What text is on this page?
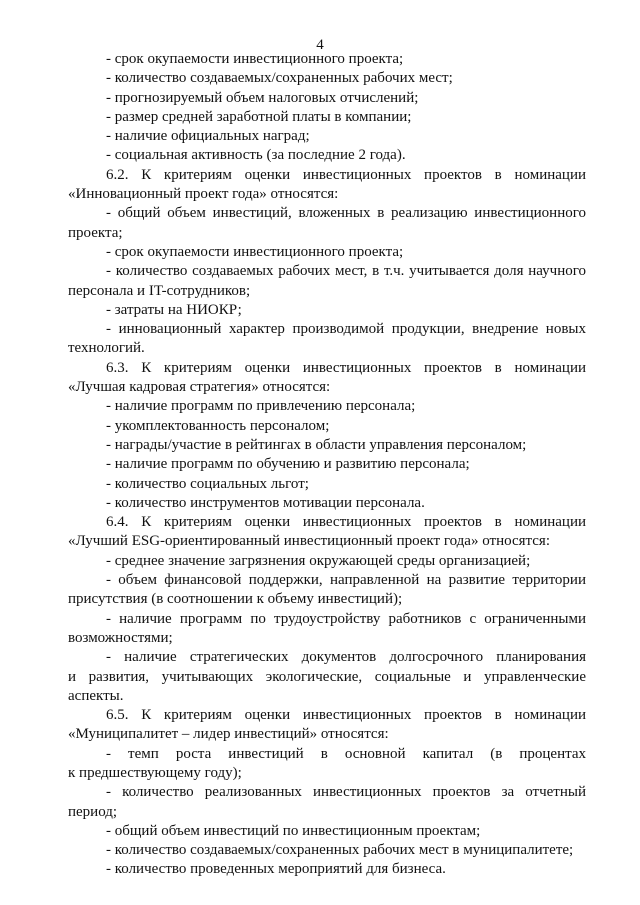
4
- срок окупаемости инвестиционного проекта;
- количество создаваемых/сохраненных рабочих мест;
- прогнозируемый объем налоговых отчислений;
- размер средней заработной платы в компании;
- наличие официальных наград;
- социальная активность (за последние 2 года).
6.2. К критериям оценки инвестиционных проектов в номинации
«Инновационный проект года» относятся:
- общий объем инвестиций, вложенных в реализацию инвестиционного
проекта;
- срок окупаемости инвестиционного проекта;
- количество создаваемых рабочих мест, в т.ч. учитывается доля научного
персонала и IT-сотрудников;
- затраты на НИОКР;
- инновационный характер производимой продукции, внедрение новых
технологий.
6.3. К критериям оценки инвестиционных проектов в номинации
«Лучшая кадровая стратегия» относятся:
- наличие программ по привлечению персонала;
- укомплектованность персоналом;
- награды/участие в рейтингах в области управления персоналом;
- наличие программ по обучению и развитию персонала;
- количество социальных льгот;
- количество инструментов мотивации персонала.
6.4. К критериям оценки инвестиционных проектов в номинации
«Лучший ESG-ориентированный инвестиционный проект года» относятся:
- среднее значение загрязнения окружающей среды организацией;
- объем финансовой поддержки, направленной на развитие территории
присутствия (в соотношении к объему инвестиций);
- наличие программ по трудоустройству работников с ограниченными
возможностями;
- наличие стратегических документов долгосрочного планирования
и развития, учитывающих экологические, социальные и управленческие
аспекты.
6.5. К критериям оценки инвестиционных проектов в номинации
«Муниципалитет – лидер инвестиций» относятся:
- темп роста инвестиций в основной капитал (в процентах
к предшествующему году);
- количество реализованных инвестиционных проектов за отчетный
период;
- общий объем инвестиций по инвестиционным проектам;
- количество создаваемых/сохраненных рабочих мест в муниципалитете;
- количество проведенных мероприятий для бизнеса.
